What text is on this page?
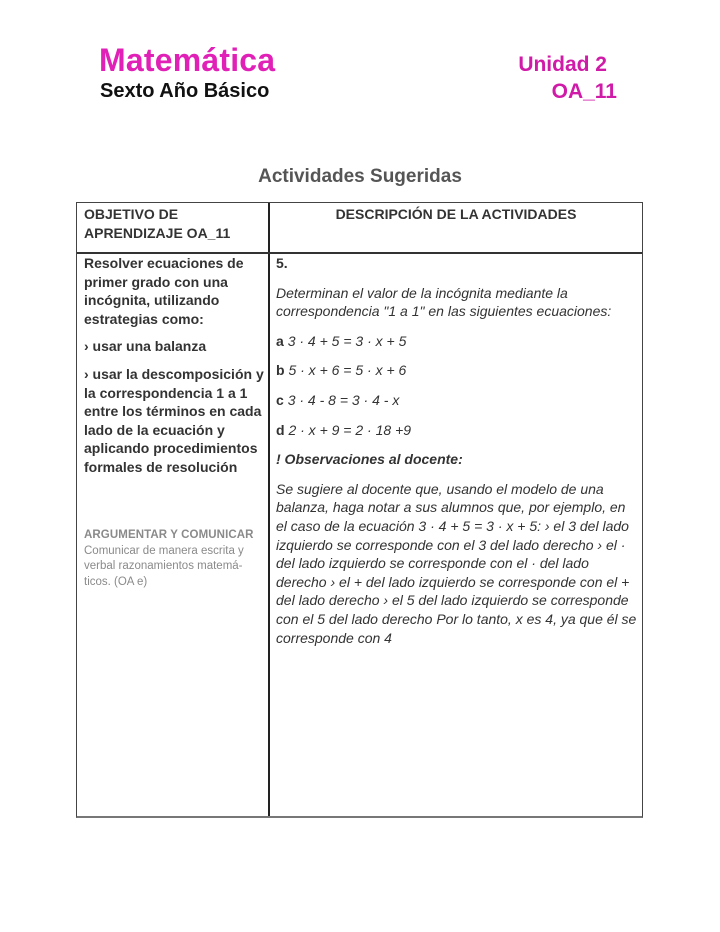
Matemática
Sexto Año Básico
Unidad 2
OA_11
Actividades Sugeridas
OBJETIVO DE APRENDIZAJE OA_11
DESCRIPCIÓN DE LA ACTIVIDADES

Resolver ecuaciones de primer grado con una incógnita, utilizando estrategias como:

› usar una balanza

› usar la descomposición y la correspondencia 1 a 1 entre los términos en cada lado de la ecuación y aplicando procedimientos formales de resolución

ARGUMENTAR Y COMUNICAR
Comunicar de manera escrita y verbal razonamientos matemá-ticos. (OA e)

5.

Determinan el valor de la incógnita mediante la correspondencia "1 a 1" en las siguientes ecuaciones:

a 3 · 4 + 5 = 3 · x + 5

b 5 · x + 6 = 5 · x + 6

c 3 · 4 - 8 = 3 · 4 - x

d 2 · x + 9 = 2 · 18 +9

! Observaciones al docente:

Se sugiere al docente que, usando el modelo de una balanza, haga notar a sus alumnos que, por ejemplo, en el caso de la ecuación 3 · 4 + 5 = 3 · x + 5: › el 3 del lado izquierdo se corresponde con el 3 del lado derecho › el · del lado izquierdo se corresponde con el · del lado derecho › el + del lado izquierdo se corresponde con el + del lado derecho › el 5 del lado izquierdo se corresponde con el 5 del lado derecho Por lo tanto, x es 4, ya que él se corresponde con 4
